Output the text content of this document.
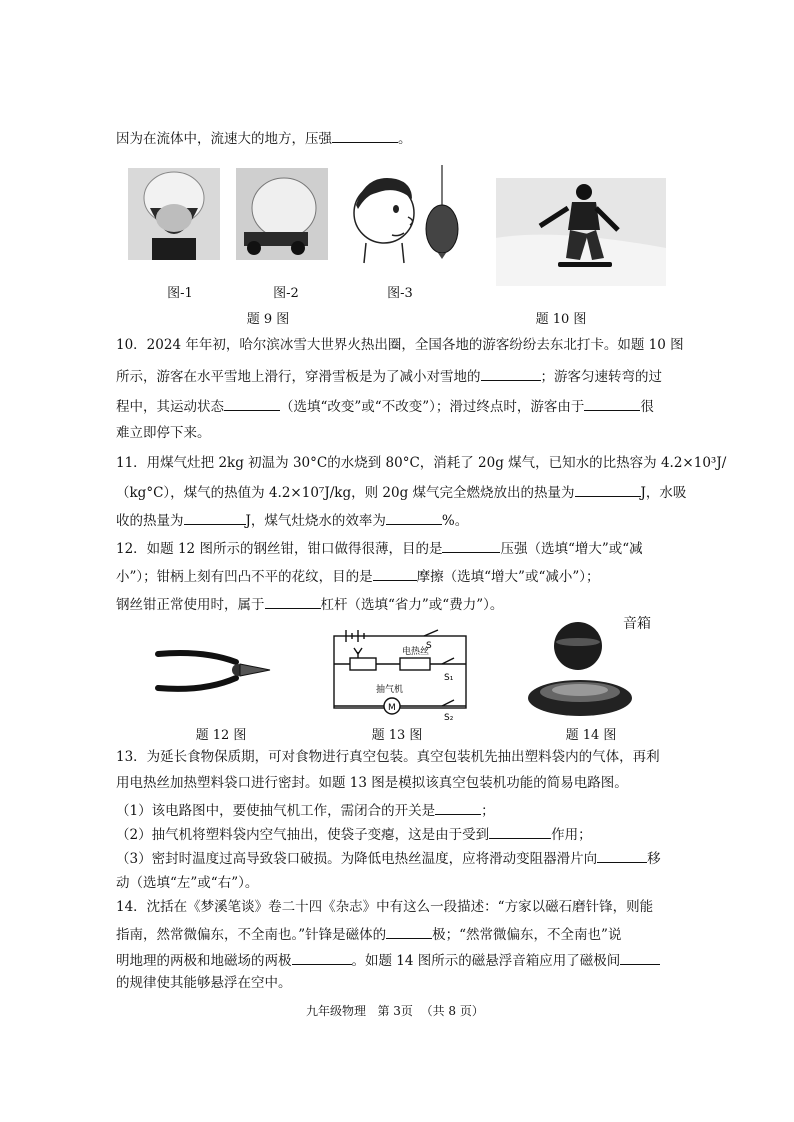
因为在流体中，流速大的地方，压强	。
图-1	图-2	图-3
题 9 图	题 10 图
10．2024 年年初，哈尔滨冰雪大世界火热出圈，全国各地的游客纷纷去东北打卡。如题 10 图
所示，游客在水平雪地上滑行，穿滑雪板是为了减小对雪地的	；游客匀速转弯的过
程中，其运动状态	（选填“改变”或“不改变”）；滑过终点时，游客由于	很
难立即停下来。
11．用煤气灶把 2kg 初温为 30°C的水烧到 80°C，消耗了 20g 煤气，已知水的比热容为 4.2×10³J/
（kg°C），煤气的热值为 4.2×10⁷J/kg，则 20g 煤气完全燃烧放出的热量为	J，水吸
收的热量为	J，煤气灶烧水的效率为	%。
12．如题 12 图所示的钢丝钳，钳口做得很薄，目的是	压强（选填“增大”或“减
小”）；钳柄上刻有凹凸不平的花纹，目的是	摩擦（选填“增大”或“减小”）；
钢丝钳正常使用时，属于	杠杆（选填“省力”或“费力”）。
S
电热丝
S₁
抽气机
M
S₂
音箱
题 12 图	题 13 图	题 14 图
13．为延长食物保质期，可对食物进行真空包装。真空包装机先抽出塑料袋内的气体，再利
用电热丝加热塑料袋口进行密封。如题 13 图是模拟该真空包装机功能的简易电路图。
（1）该电路图中，要使抽气机工作，需闭合的开关是	；
（2）抽气机将塑料袋内空气抽出，使袋子变瘪，这是由于受到	作用；
（3）密封时温度过高导致袋口破损。为降低电热丝温度，应将滑动变阻器滑片向	移
动（选填“左”或“右”）。
14．沈括在《梦溪笔谈》卷二十四《杂志》中有这么一段描述：“方家以磁石磨针锋，则能
指南，然常微偏东，不全南也。”针锋是磁体的	极；“然常微偏东，不全南也”说
明地理的两极和地磁场的两极	。如题 14 图所示的磁悬浮音箱应用了磁极间
的规律使其能够悬浮在空中。
九年级物理 第 3页 （共 8 页）
